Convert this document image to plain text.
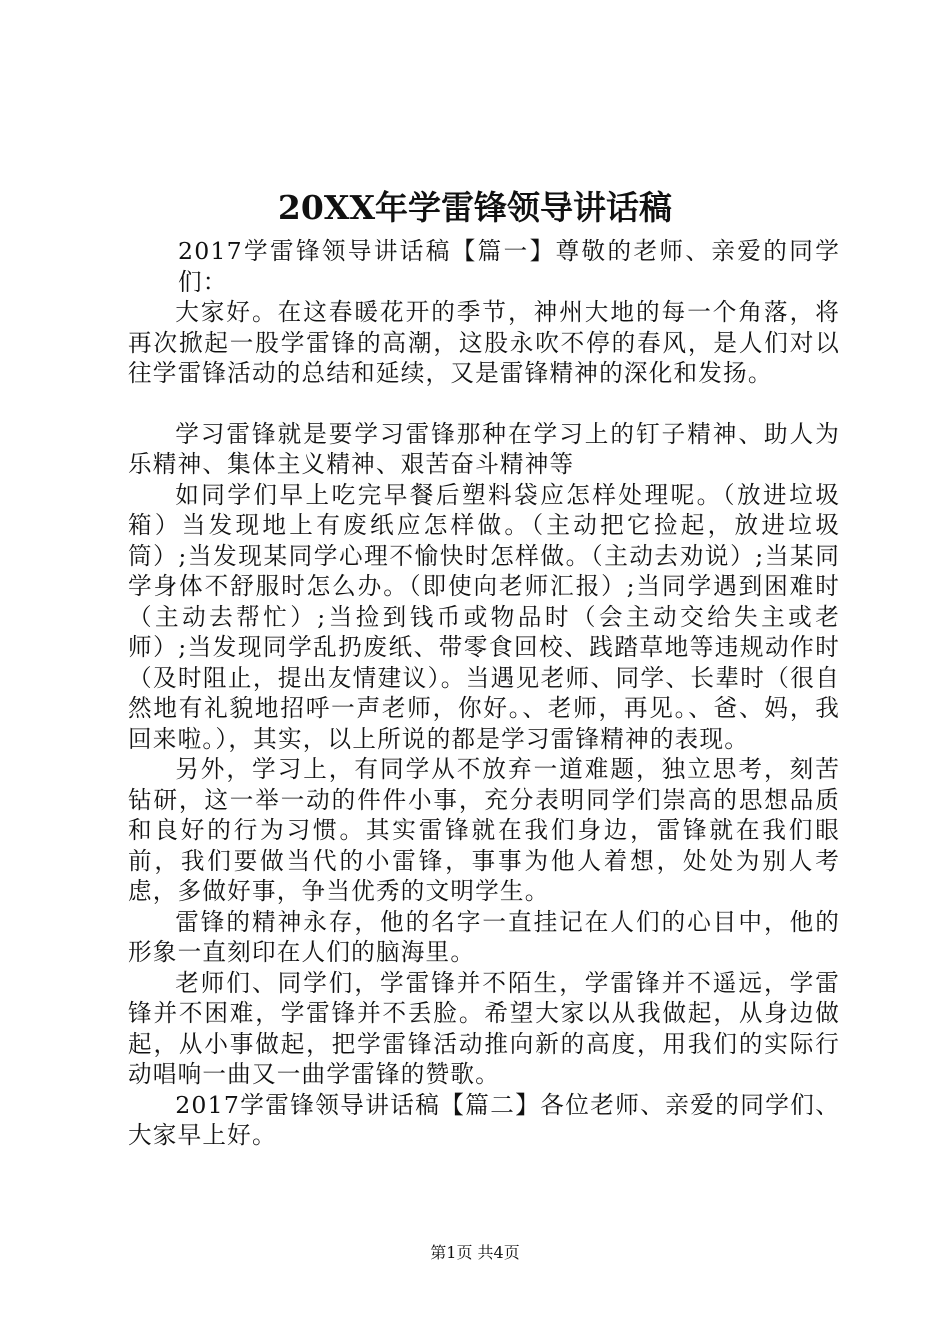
20XX年学雷锋领导讲话稿

2017学雷锋领导讲话稿【篇一】尊敬的老师、亲爱的同学们：

大家好。在这春暖花开的季节，神州大地的每一个角落，将再次掀起一股学雷锋的高潮，这股永吹不停的春风，是人们对以往学雷锋活动的总结和延续，又是雷锋精神的深化和发扬。

学习雷锋就是要学习雷锋那种在学习上的钉子精神、助人为乐精神、集体主义精神、艰苦奋斗精神等

如同学们早上吃完早餐后塑料袋应怎样处理呢。（放进垃圾箱）当发现地上有废纸应怎样做。（主动把它捡起，放进垃圾筒）;当发现某同学心理不愉快时怎样做。（主动去劝说）;当某同学身体不舒服时怎么办。（即使向老师汇报）;当同学遇到困难时（主动去帮忙）;当捡到钱币或物品时（会主动交给失主或老师）;当发现同学乱扔废纸、带零食回校、践踏草地等违规动作时（及时阻止，提出友情建议）。当遇见老师、同学、长辈时（很自然地有礼貌地招呼一声老师，你好。、老师，再见。、爸、妈，我回来啦。），其实，以上所说的都是学习雷锋精神的表现。

另外，学习上，有同学从不放弃一道难题，独立思考，刻苦钻研，这一举一动的件件小事，充分表明同学们崇高的思想品质和良好的行为习惯。其实雷锋就在我们身边，雷锋就在我们眼前，我们要做当代的小雷锋，事事为他人着想，处处为别人考虑，多做好事，争当优秀的文明学生。

雷锋的精神永存，他的名字一直挂记在人们的心目中，他的形象一直刻印在人们的脑海里。

老师们、同学们，学雷锋并不陌生，学雷锋并不遥远，学雷锋并不困难，学雷锋并不丢脸。希望大家以从我做起，从身边做起，从小事做起，把学雷锋活动推向新的高度，用我们的实际行动唱响一曲又一曲学雷锋的赞歌。

2017学雷锋领导讲话稿【篇二】各位老师、亲爱的同学们、大家早上好。

第1页 共4页
